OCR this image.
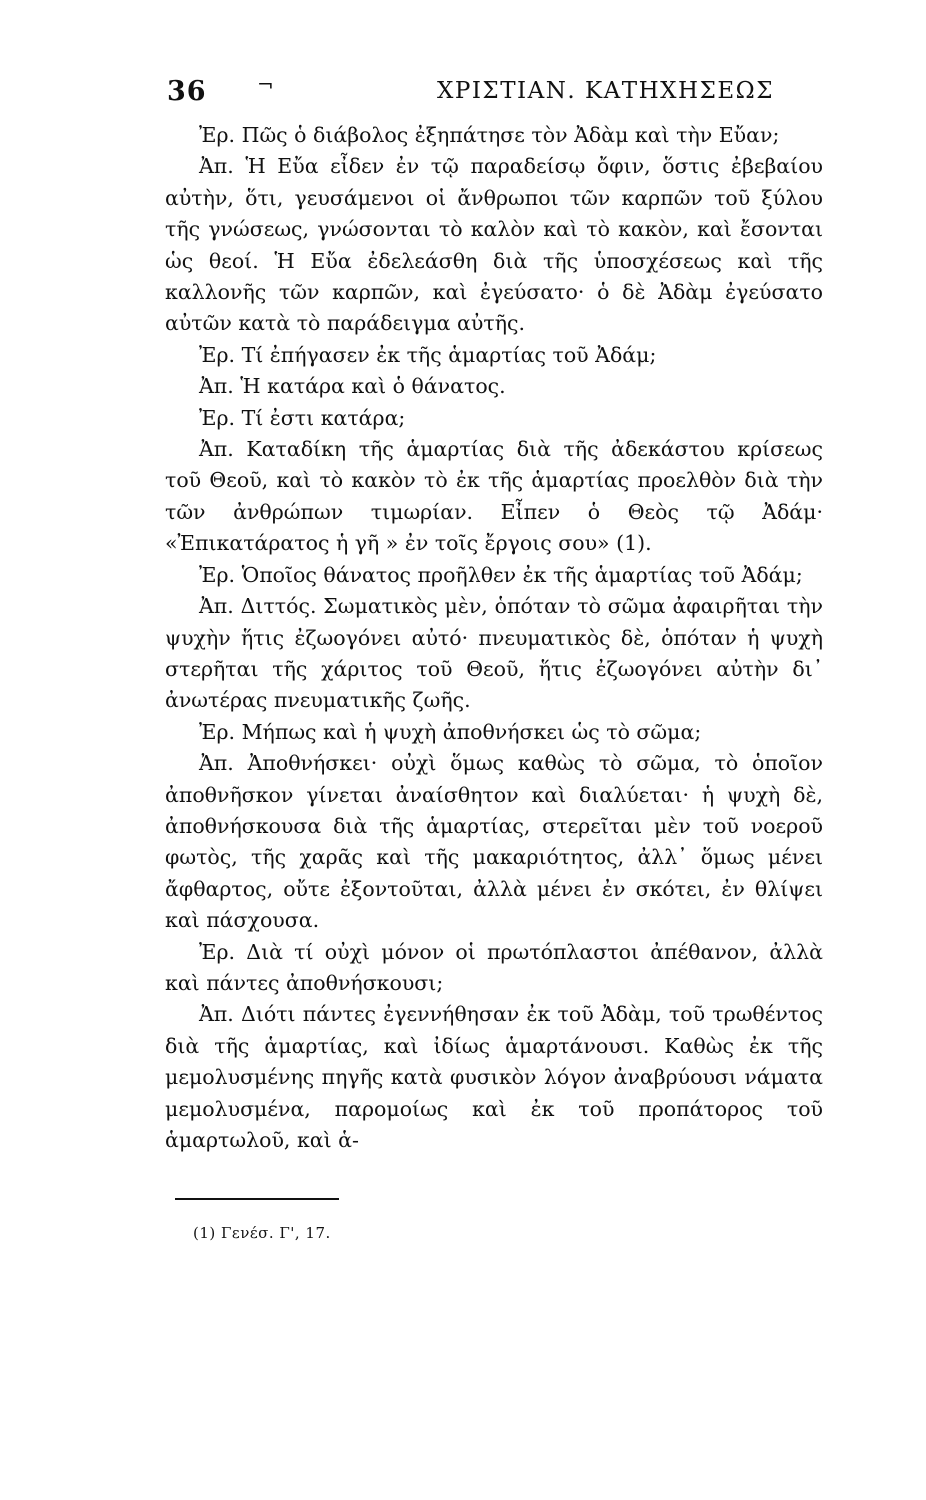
36	¬	ΧΡΙΣΤΙΑΝ. ΚΑΤΗΧΗΣΕΩΣ

Ἐρ. Πῶς ὁ διάβολος ἐξηπάτησε τὸν Ἀδὰμ καὶ τὴν Εὔαν;

Ἀπ. Ἡ Εὔα εἶδεν ἐν τῷ παραδείσῳ ὄφιν, ὅστις ἐβεβαίου αὐτὴν, ὅτι, γευσάμενοι οἱ ἄνθρωποι τῶν καρπῶν τοῦ ξύλου τῆς γνώσεως, γνώσονται τὸ καλὸν καὶ τὸ κακὸν, καὶ ἔσονται ὡς θεοί. Ἡ Εὔα ἐδελεάσθη διὰ τῆς ὑποσχέσεως καὶ τῆς καλλονῆς τῶν καρπῶν, καὶ ἐγεύσατο· ὁ δὲ Ἀδὰμ ἐγεύσατο αὐτῶν κατὰ τὸ παράδειγμα αὐτῆς.

Ἐρ. Τί ἐπήγασεν ἐκ τῆς ἁμαρτίας τοῦ Ἀδάμ;

Ἀπ. Ἡ κατάρα καὶ ὁ θάνατος.

Ἐρ. Τί ἐστι κατάρα;

Ἀπ. Καταδίκη τῆς ἁμαρτίας διὰ τῆς ἀδεκάστου κρίσεως τοῦ Θεοῦ, καὶ τὸ κακὸν τὸ ἐκ τῆς ἁμαρτίας προελθὸν διὰ τὴν τῶν ἀνθρώπων τιμωρίαν. Εἶπεν ὁ Θεὸς τῷ Ἀδάμ· «Ἐπικατάρατος ἡ γῆ » ἐν τοῖς ἔργοις σου» (1).

Ἐρ. Ὁποῖος θάνατος προῆλθεν ἐκ τῆς ἁμαρτίας τοῦ Ἀδάμ;

Ἀπ. Διττός. Σωματικὸς μὲν, ὁπόταν τὸ σῶμα ἀφαιρῆται τὴν ψυχὴν ἥτις ἐζωογόνει αὐτό· πνευματικὸς δὲ, ὁπόταν ἡ ψυχὴ στερῆται τῆς χάριτος τοῦ Θεοῦ, ἥτις ἐζωογόνει αὐτὴν δι᾽ ἀνωτέρας πνευματικῆς ζωῆς.

Ἐρ. Μήπως καὶ ἡ ψυχὴ ἀποθνήσκει ὡς τὸ σῶμα;

Ἀπ. Ἀποθνήσκει· οὐχὶ ὅμως καθὼς τὸ σῶμα, τὸ ὁποῖον ἀποθνῆσκον γίνεται ἀναίσθητον καὶ διαλύεται· ἡ ψυχὴ δὲ, ἀποθνήσκουσα διὰ τῆς ἁμαρτίας, στερεῖται μὲν τοῦ νοεροῦ φωτὸς, τῆς χαρᾶς καὶ τῆς μακαριότητος, ἀλλ᾽ ὅμως μένει ἄφθαρτος, οὔτε ἐξοντοῦται, ἀλλὰ μένει ἐν σκότει, ἐν θλίψει καὶ πάσχουσα.

Ἐρ. Διὰ τί οὐχὶ μόνον οἱ πρωτόπλαστοι ἀπέθανον, ἀλλὰ καὶ πάντες ἀποθνήσκουσι;

Ἀπ. Διότι πάντες ἐγεννήθησαν ἐκ τοῦ Ἀδὰμ, τοῦ τρωθέντος διὰ τῆς ἁμαρτίας, καὶ ἰδίως ἁμαρτάνουσι. Καθὼς ἐκ τῆς μεμολυσμένης πηγῆς κατὰ φυσικὸν λόγον ἀναβρύουσι νάματα μεμολυσμένα, παρομοίως καὶ ἐκ τοῦ προπάτορος τοῦ ἁμαρτωλοῦ, καὶ ἁ-

(1) Γενέσ. Γ', 17.
